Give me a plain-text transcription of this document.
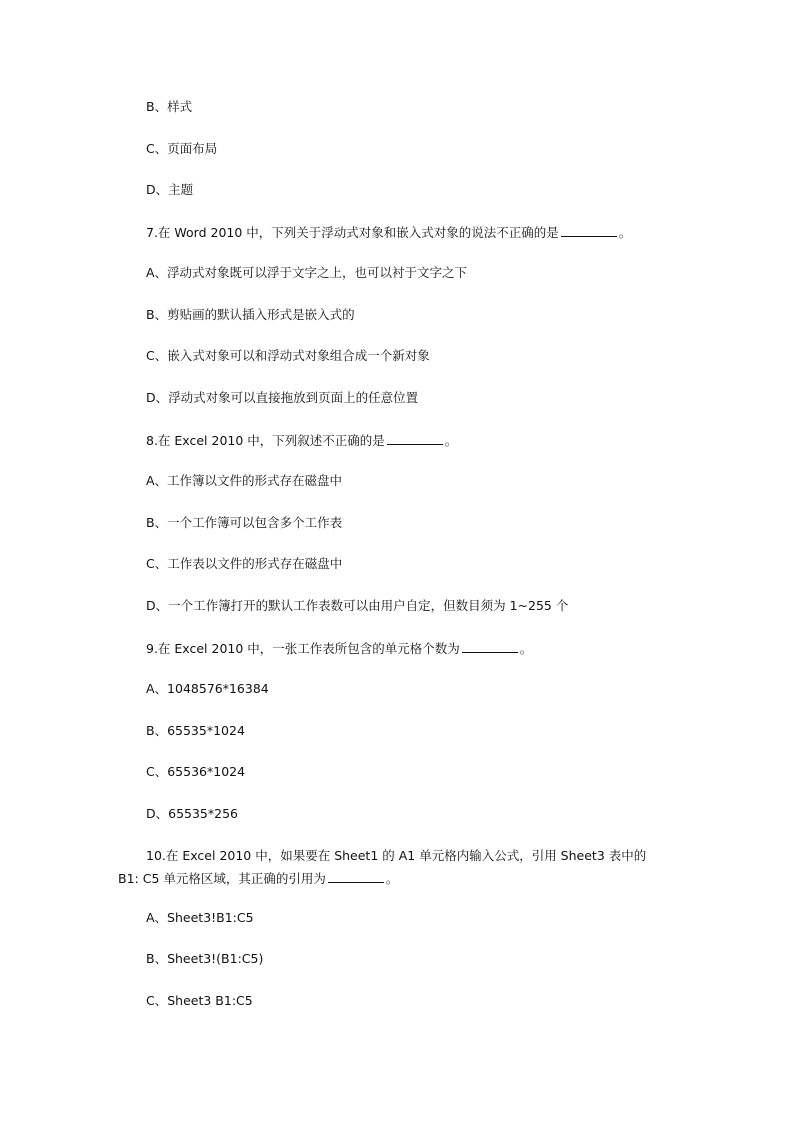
B、样式
C、页面布局
D、主题
7.在 Word 2010 中，下列关于浮动式对象和嵌入式对象的说法不正确的是	。
A、浮动式对象既可以浮于文字之上，也可以衬于文字之下
B、剪贴画的默认插入形式是嵌入式的
C、嵌入式对象可以和浮动式对象组合成一个新对象
D、浮动式对象可以直接拖放到页面上的任意位置
8.在 Excel 2010 中，下列叙述不正确的是	。
A、工作簿以文件的形式存在磁盘中
B、一个工作簿可以包含多个工作表
C、工作表以文件的形式存在磁盘中
D、一个工作簿打开的默认工作表数可以由用户自定，但数目须为 1~255 个
9.在 Excel 2010 中，一张工作表所包含的单元格个数为	。
A、1048576*16384
B、65535*1024
C、65536*1024
D、65535*256
10.在 Excel 2010 中，如果要在 Sheet1 的 A1 单元格内输入公式，引用 Sheet3 表中的
B1: C5 单元格区域，其正确的引用为	。
A、Sheet3!B1:C5
B、Sheet3!(B1:C5)
C、Sheet3 B1:C5
